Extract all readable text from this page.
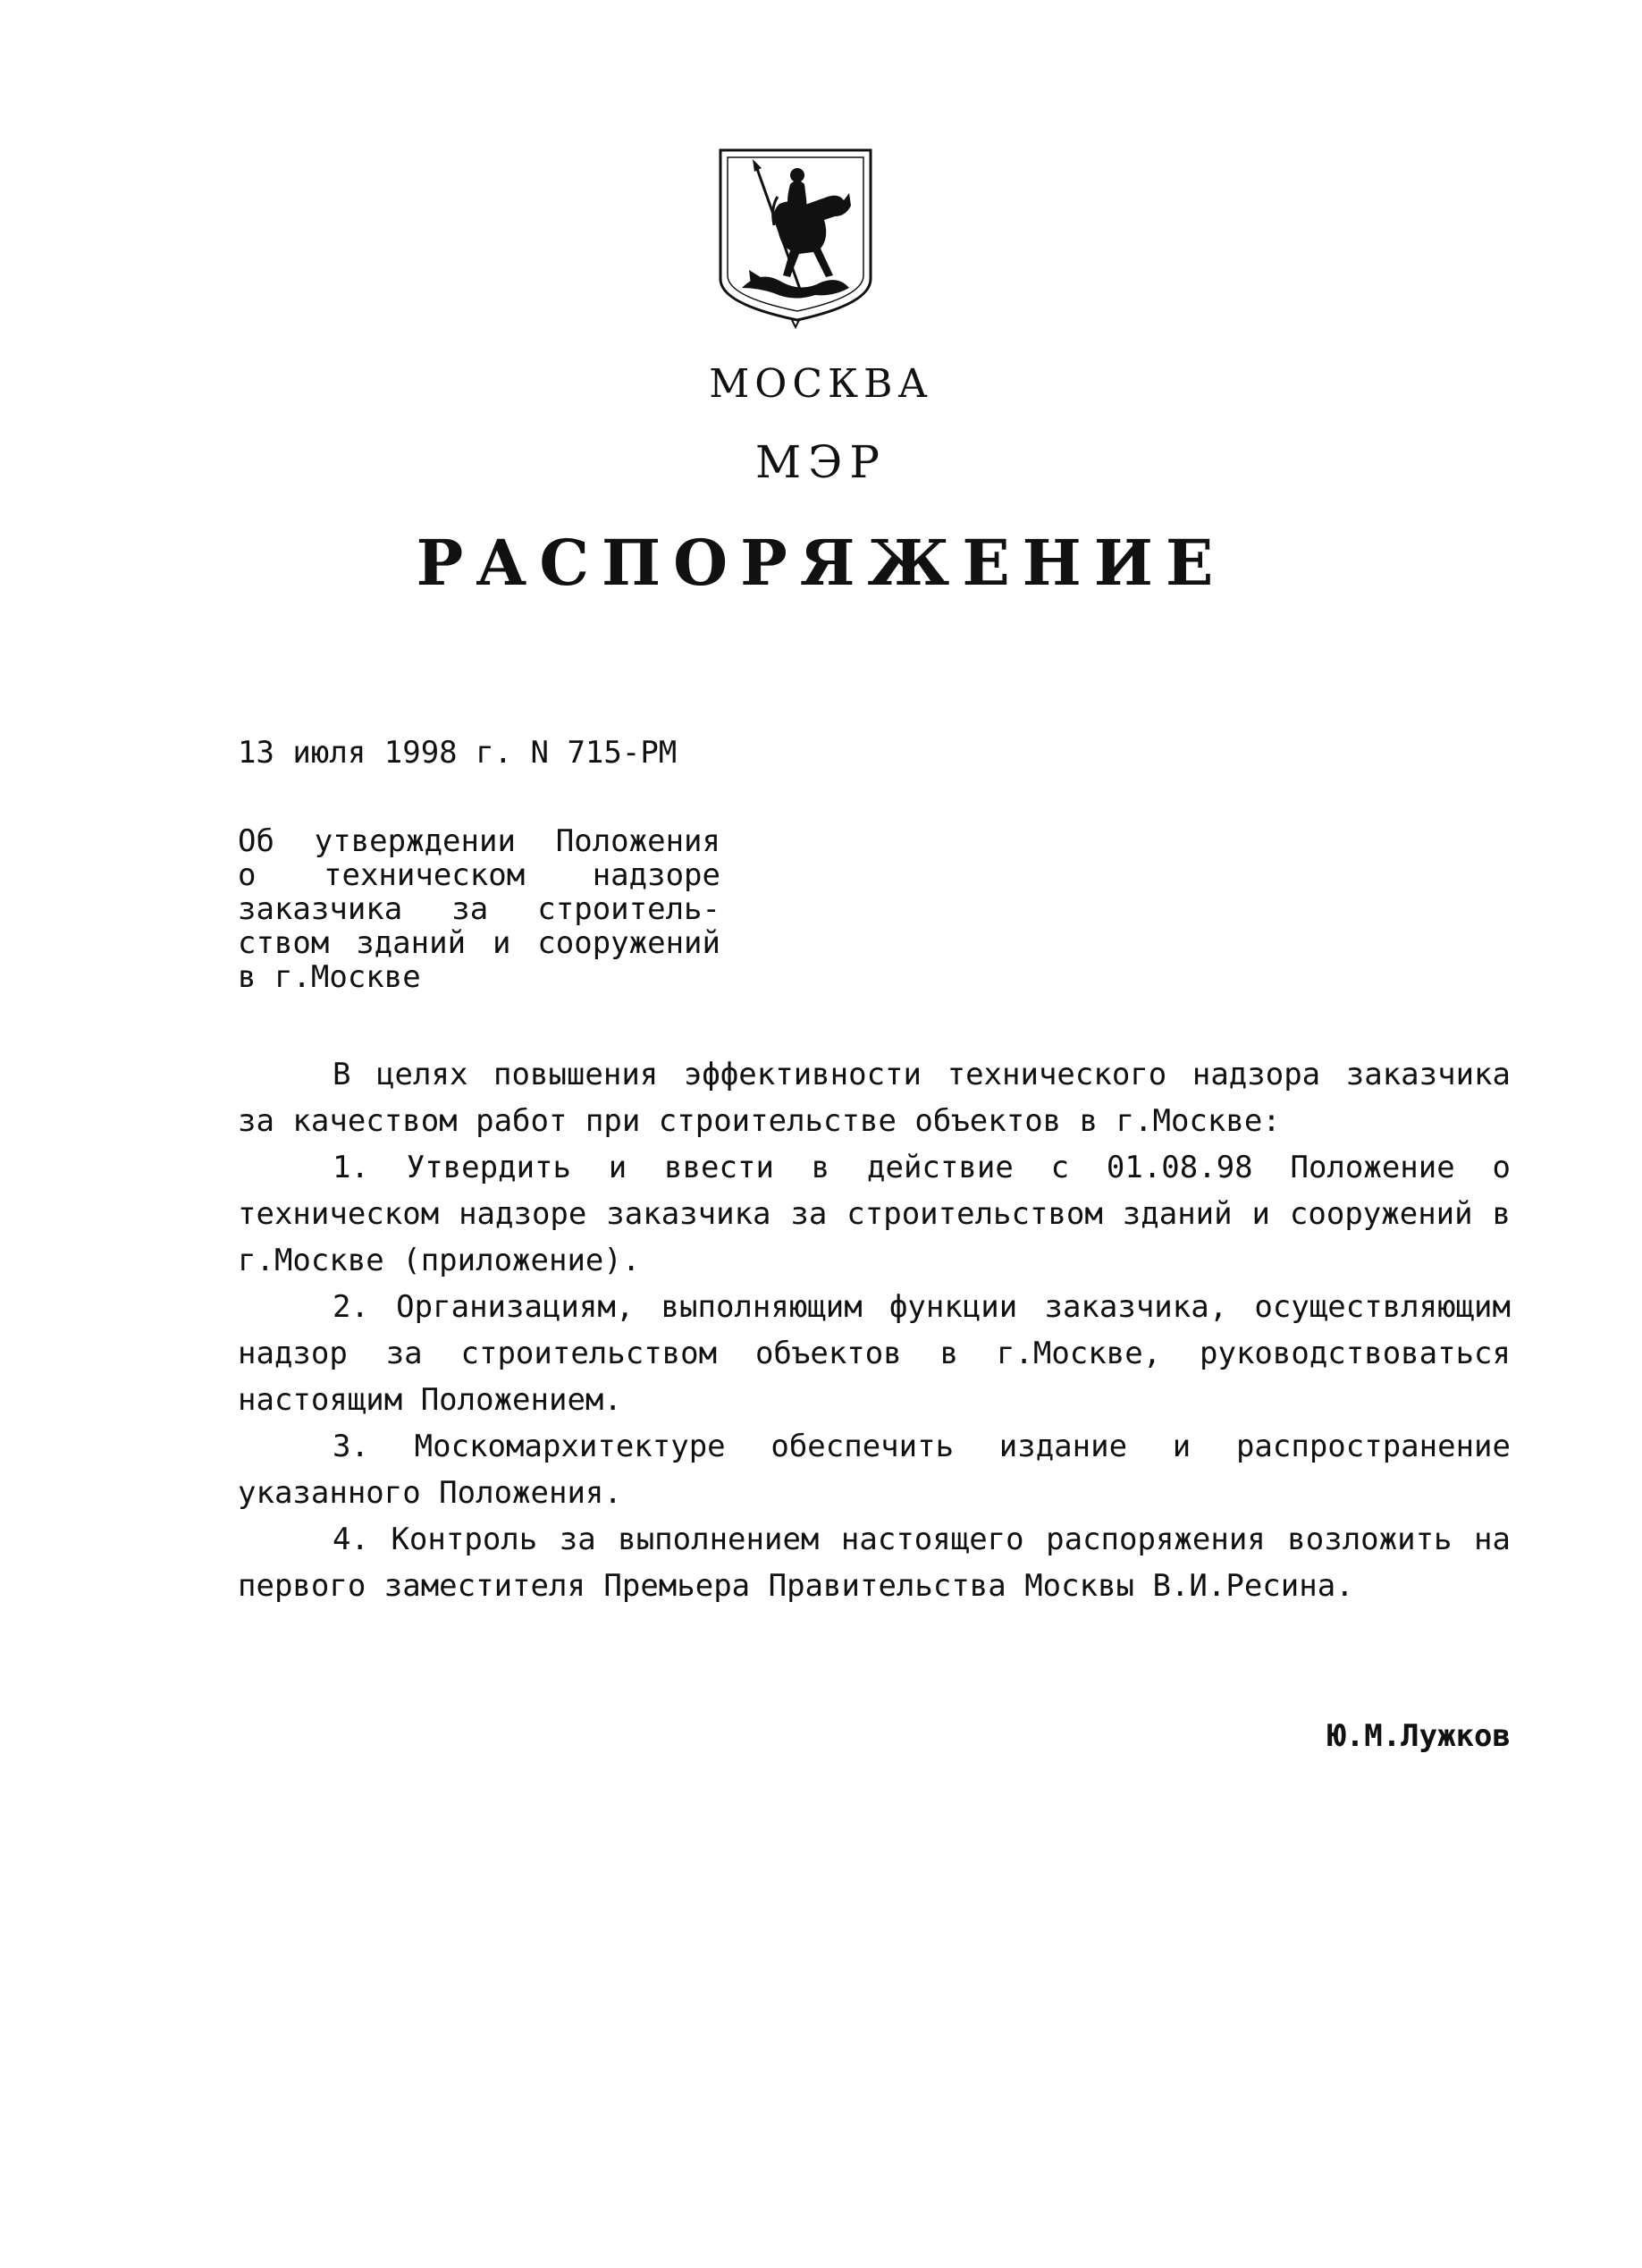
МОСКВА
МЭР
РАСПОРЯЖЕНИЕ
13 июля 1998 г. N 715-РМ
Об утверждении Положения
о техническом надзоре
заказчика за строитель-
ством зданий и сооружений
в г.Москве

В целях повышения эффективности технического надзора заказчика за качеством работ при строительстве объектов в г.Москве:

1. Утвердить и ввести в действие с 01.08.98 Положение о техническом надзоре заказчика за строительством зданий и сооружений в г.Москве (приложение).

2. Организациям, выполняющим функции заказчика, осуществляющим надзор за строительством объектов в г.Москве, руководствоваться настоящим Положением.

3. Москомархитектуре обеспечить издание и распространение указанного Положения.

4. Контроль за выполнением настоящего распоряжения возложить на первого заместителя Премьера Правительства Москвы В.И.Ресина.

Ю.М.Лужков
